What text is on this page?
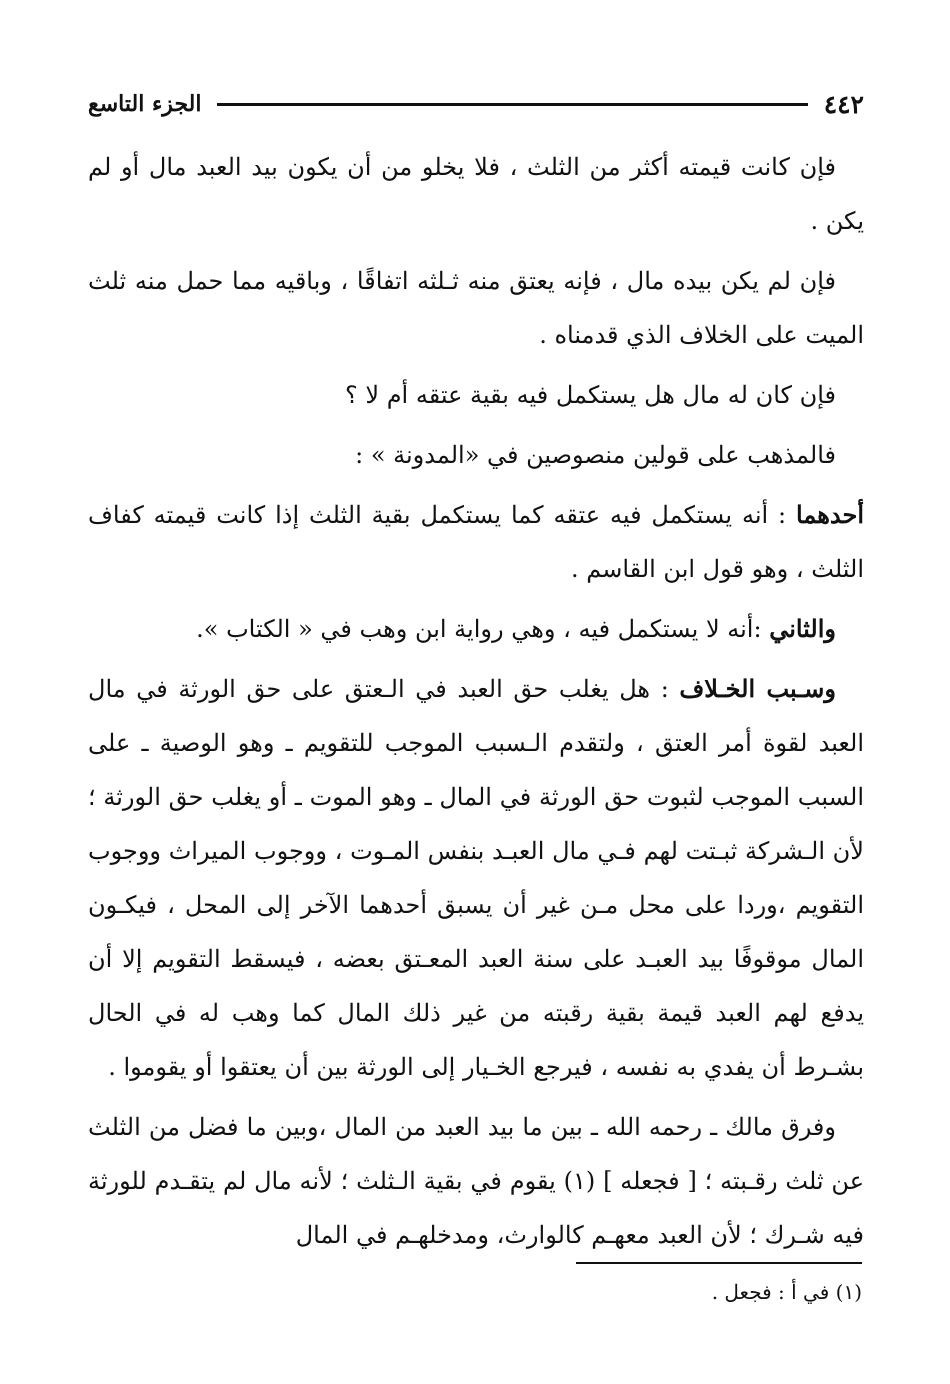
٤٤٢
الجزء التاسع

فإن كانت قيمته أكثر من الثلث ، فلا يخلو من أن يكون بيد العبد مال أو لم يكن .

فإن لم يكن بيده مال ، فإنه يعتق منه ثـلثه اتفاقًا ، وباقيه مما حمل منه ثلث الميت على الخلاف الذي قدمناه .

فإن كان له مال هل يستكمل فيه بقية عتقه أم لا ؟

فالمذهب على قولين منصوصين في «المدونة » :

أحدهما : أنه يستكمل فيه عتقه كما يستكمل بقية الثلث إذا كانت قيمته كفاف الثلث ، وهو قول ابن القاسم .

والثاني :أنه لا يستكمل فيه ، وهي رواية ابن وهب في « الكتاب ».

وسـبب الخـلاف : هل يغلب حق العبد في الـعتق على حق الورثة في مال العبد لقوة أمر العتق ، ولتقدم الـسبب الموجب للتقويم ـ وهو الوصية ـ على السبب الموجب لثبوت حق الورثة في المال ـ وهو الموت ـ أو يغلب حق الورثة ؛ لأن الـشركة ثبـتت لهم فـي مال العبـد بنفس المـوت ، ووجوب الميراث ووجوب التقويم ،وردا على محل مـن غير أن يسبق أحدهما الآخر إلى المحل ، فيكـون المال موقوفًا بيد العبـد على سنة العبد المعـتق بعضه ، فيسقط التقويم إلا أن يدفع لهم العبد قيمة بقية رقبته من غير ذلك المال كما وهب له في الحال بشـرط أن يفدي به نفسه ، فيرجع الخـيار إلى الورثة بين أن يعتقوا أو يقوموا .

وفرق مالك ـ رحمه الله ـ بين ما بيد العبد من المال ،وبين ما فضل من الثلث عن ثلث رقـبته ؛ [ فجعله ] (١) يقوم في بقية الـثلث ؛ لأنه مال لم يتقـدم للورثة فيه شـرك ؛ لأن العبد معهـم كالوارث، ومدخلهـم في المال

(١) في أ : فجعل .
